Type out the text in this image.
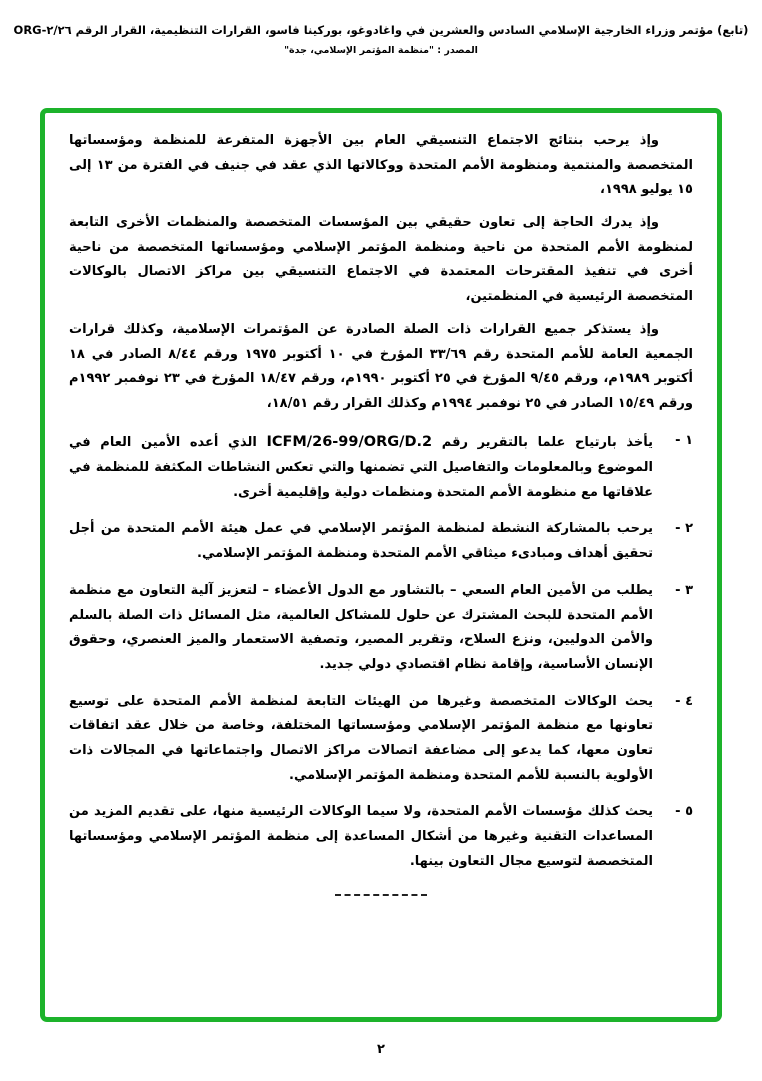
(تابع) مؤتمر وزراء الخارجية الإسلامي السادس والعشرين في واغادوغو، بوركينا فاسو، القرارات التنظيمية، القرار الرقم ٢/٢٦-ORG
المصدر : "منظمة المؤتمر الإسلامي، جدة"

وإذ يرحب بنتائج الاجتماع التنسيقي العام بين الأجهزة المتفرعة للمنظمة ومؤسساتها المتخصصة والمنتمية ومنظومة الأمم المتحدة ووكالاتها الذي عقد في جنيف في الفترة من ١٣ إلى ١٥ يوليو ١٩٩٨،

وإذ يدرك الحاجة إلى تعاون حقيقي بين المؤسسات المتخصصة والمنظمات الأخرى التابعة لمنظومة الأمم المتحدة من ناحية ومنظمة المؤتمر الإسلامي ومؤسساتها المتخصصة من ناحية أخرى في تنفيذ المقترحات المعتمدة في الاجتماع التنسيقي بين مراكز الاتصال بالوكالات المتخصصة الرئيسية في المنظمتين،

وإذ يستذكر جميع القرارات ذات الصلة الصادرة عن المؤتمرات الإسلامية، وكذلك قرارات الجمعية العامة للأمم المتحدة رقم ٣٣/٦٩ المؤرخ في ١٠ أكتوبر ١٩٧٥ ورقم ٨/٤٤ الصادر في ١٨ أكتوبر ١٩٨٩م، ورقم ٩/٤٥ المؤرخ في ٢٥ أكتوبر ١٩٩٠م، ورقم ١٨/٤٧ المؤرخ في ٢٣ نوفمبر ١٩٩٢م ورقم ١٥/٤٩ الصادر في ٢٥ نوفمبر ١٩٩٤م وكذلك القرار رقم ١٨/٥١،

١ -
يأخذ بارتياح علما بالتقرير رقم ICFM/26-99/ORG/D.2 الذي أعده الأمين العام في الموضوع وبالمعلومات والتفاصيل التي تضمنها والتي تعكس النشاطات المكثفة للمنظمة في علاقاتها مع منظومة الأمم المتحدة ومنظمات دولية وإقليمية أخرى.
٢ -
يرحب بالمشاركة النشطة لمنظمة المؤتمر الإسلامي في عمل هيئة الأمم المتحدة من أجل تحقيق أهداف ومبادىء ميثاقي الأمم المتحدة ومنظمة المؤتمر الإسلامي.
٣ -
يطلب من الأمين العام السعي – بالتشاور مع الدول الأعضاء – لتعزيز آلية التعاون مع منظمة الأمم المتحدة للبحث المشترك عن حلول للمشاكل العالمية، مثل المسائل ذات الصلة بالسلم والأمن الدوليين، ونزع السلاح، وتقرير المصير، وتصفية الاستعمار والميز العنصري، وحقوق الإنسان الأساسية، وإقامة نظام اقتصادي دولي جديد.
٤ -
يحث الوكالات المتخصصة وغيرها من الهيئات التابعة لمنظمة الأمم المتحدة على توسيع تعاونها مع منظمة المؤتمر الإسلامي ومؤسساتها المختلفة، وخاصة من خلال عقد اتفاقات تعاون معها، كما يدعو إلى مضاعفة اتصالات مراكز الاتصال واجتماعاتها في المجالات ذات الأولوية بالنسبة للأمم المتحدة ومنظمة المؤتمر الإسلامي.
٥ -
يحث كذلك مؤسسات الأمم المتحدة، ولا سيما الوكالات الرئيسية منها، على تقديم المزيد من المساعدات التقنية وغيرها من أشكال المساعدة إلى منظمة المؤتمر الإسلامي ومؤسساتها المتخصصة لتوسيع مجال التعاون بينها.
٢
